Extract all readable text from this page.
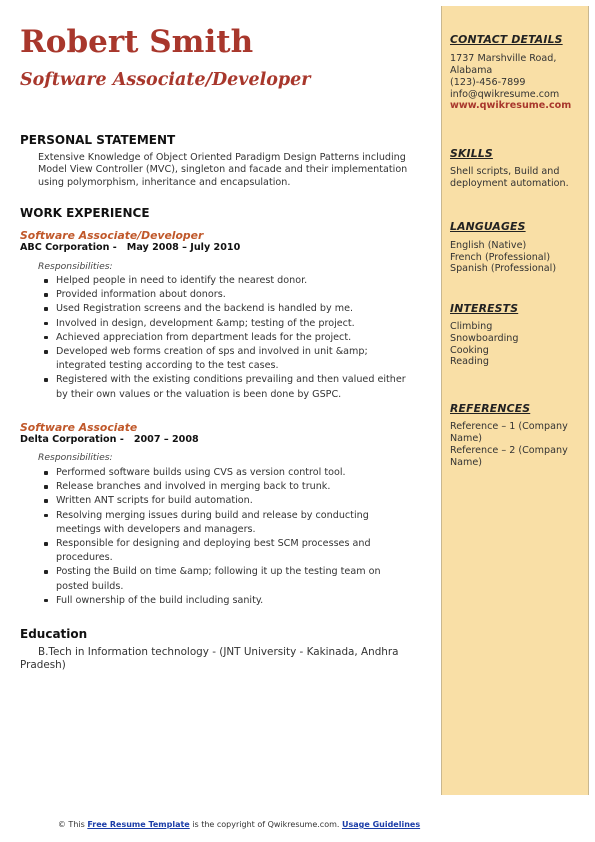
Robert Smith
Software Associate/Developer
PERSONAL STATEMENT
Extensive Knowledge of Object Oriented Paradigm Design Patterns including Model View Controller (MVC), singleton and facade and their implementation using polymorphism, inheritance and encapsulation.
WORK EXPERIENCE
Software Associate/Developer
ABC Corporation -   May 2008 – July 2010
Responsibilities:
Helped people in need to identify the nearest donor.
Provided information about donors.
Used Registration screens and the backend is handled by me.
Involved in design, development &amp; testing of the project.
Achieved appreciation from department leads for the project.
Developed web forms creation of sps and involved in unit &amp; integrated testing according to the test cases.
Registered with the existing conditions prevailing and then valued either by their own values or the valuation is been done by GSPC.
Software Associate
Delta Corporation -   2007 – 2008
Responsibilities:
Performed software builds using CVS as version control tool.
Release branches and involved in merging back to trunk.
Written ANT scripts for build automation.
Resolving merging issues during build and release by conducting meetings with developers and managers.
Responsible for designing and deploying best SCM processes and procedures.
Posting the Build on time &amp; following it up the testing team on posted builds.
Full ownership of the build including sanity.
Education
B.Tech in Information technology - (JNT University - Kakinada, Andhra Pradesh)
CONTACT DETAILS
1737 Marshville Road, Alabama
(123)-456-7899
info@qwikresume.com
www.qwikresume.com
SKILLS
Shell scripts, Build and deployment automation.
LANGUAGES
English (Native)
French (Professional)
Spanish (Professional)
INTERESTS
Climbing
Snowboarding
Cooking
Reading
REFERENCES
Reference – 1 (Company Name)
Reference – 2 (Company Name)
© This Free Resume Template is the copyright of Qwikresume.com. Usage Guidelines
